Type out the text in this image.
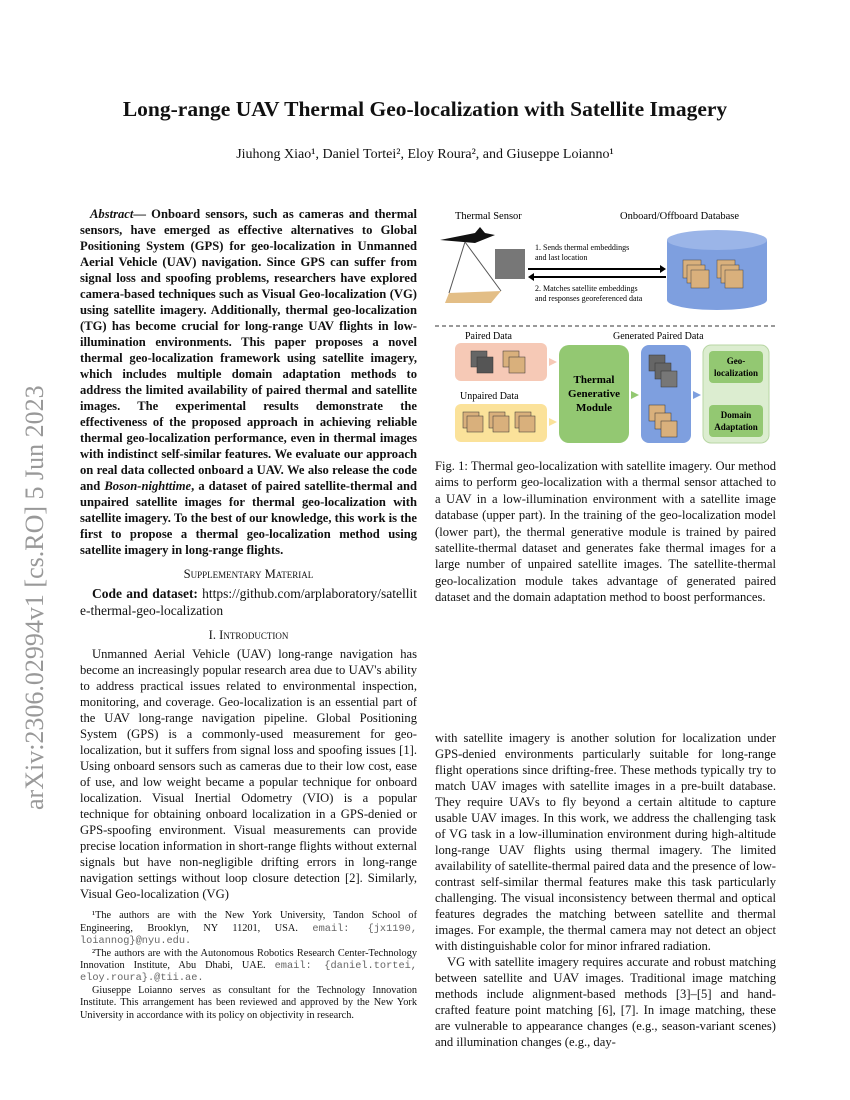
arXiv:2306.02994v1 [cs.RO] 5 Jun 2023
Long-range UAV Thermal Geo-localization with Satellite Imagery
Jiuhong Xiao¹, Daniel Tortei², Eloy Roura², and Giuseppe Loianno¹

Abstract— Onboard sensors, such as cameras and thermal sensors, have emerged as effective alternatives to Global Positioning System (GPS) for geo-localization in Unmanned Aerial Vehicle (UAV) navigation. Since GPS can suffer from signal loss and spoofing problems, researchers have explored camera-based techniques such as Visual Geo-localization (VG) using satellite imagery. Additionally, thermal geo-localization (TG) has become crucial for long-range UAV flights in low-illumination environments. This paper proposes a novel thermal geo-localization framework using satellite imagery, which includes multiple domain adaptation methods to address the limited availability of paired thermal and satellite images. The experimental results demonstrate the effectiveness of the proposed approach in achieving reliable thermal geo-localization performance, even in thermal images with indistinct self-similar features. We evaluate our approach on real data collected onboard a UAV. We also release the code and Boson-nighttime, a dataset of paired satellite-thermal and unpaired satellite images for thermal geo-localization with satellite imagery. To the best of our knowledge, this work is the first to propose a thermal geo-localization method using satellite imagery in long-range flights.

Supplementary Material

Code and dataset: https://github.com/arplaboratory/satellite-thermal-geo-localization

I. Introduction

Unmanned Aerial Vehicle (UAV) long-range navigation has become an increasingly popular research area due to UAV's ability to address practical issues related to environmental inspection, monitoring, and coverage. Geo-localization is an essential part of the UAV long-range navigation pipeline. Global Positioning System (GPS) is a commonly-used measurement for geo-localization, but it suffers from signal loss and spoofing issues [1]. Using onboard sensors such as cameras due to their low cost, ease of use, and low weight became a popular technique for onboard localization. Visual Inertial Odometry (VIO) is a popular technique for obtaining onboard localization in a GPS-denied or GPS-spoofing environment. Visual measurements can provide precise location information in short-range flights without external signals but have non-negligible drifting errors in long-range navigation settings without loop closure detection [2]. Similarly, Visual Geo-localization (VG)

¹The authors are with the New York University, Tandon School of Engineering, Brooklyn, NY 11201, USA. email: {jx1190, loiannog}@nyu.edu.

²The authors are with the Autonomous Robotics Research Center-Technology Innovation Institute, Abu Dhabi, UAE. email: {daniel.tortei, eloy.roura}.@tii.ae.

Giuseppe Loianno serves as consultant for the Technology Innovation Institute. This arrangement has been reviewed and approved by the New York University in accordance with its policy on objectivity in research.

Thermal Sensor	Onboard/Offboard Database
1. Sends thermal embeddings
and last location
2. Matches satellite embeddings
and responses georeferenced data
Paired Data
Unpaired Data
Thermal
Generative
Module
Generated Paired Data
Geo-
localization
Domain
Adaptation
Fig. 1: Thermal geo-localization with satellite imagery. Our method aims to perform geo-localization with a thermal sensor attached to a UAV in a low-illumination environment with a satellite image database (upper part). In the training of the geo-localization model (lower part), the thermal generative module is trained by paired satellite-thermal dataset and generates fake thermal images for a large number of unpaired satellite images. The satellite-thermal geo-localization module takes advantage of generated paired dataset and the domain adaptation method to boost performances.

with satellite imagery is another solution for localization under GPS-denied environments particularly suitable for long-range flight operations since drifting-free. These methods typically try to match UAV images with satellite images in a pre-built database. They require UAVs to fly beyond a certain altitude to capture usable UAV images. In this work, we address the challenging task of VG task in a low-illumination environment during high-altitude long-range UAV flights using thermal imagery. The limited availability of satellite-thermal paired data and the presence of low-contrast self-similar thermal features make this task particularly challenging. The visual inconsistency between thermal and optical features degrades the matching between satellite and thermal images. For example, the thermal camera may not detect an object with distinguishable color for minor infrared radiation.

VG with satellite imagery requires accurate and robust matching between satellite and UAV images. Traditional image matching methods include alignment-based methods [3]–[5] and hand-crafted feature point matching [6], [7]. In image matching, these are vulnerable to appearance changes (e.g., season-variant scenes) and illumination changes (e.g., day-
